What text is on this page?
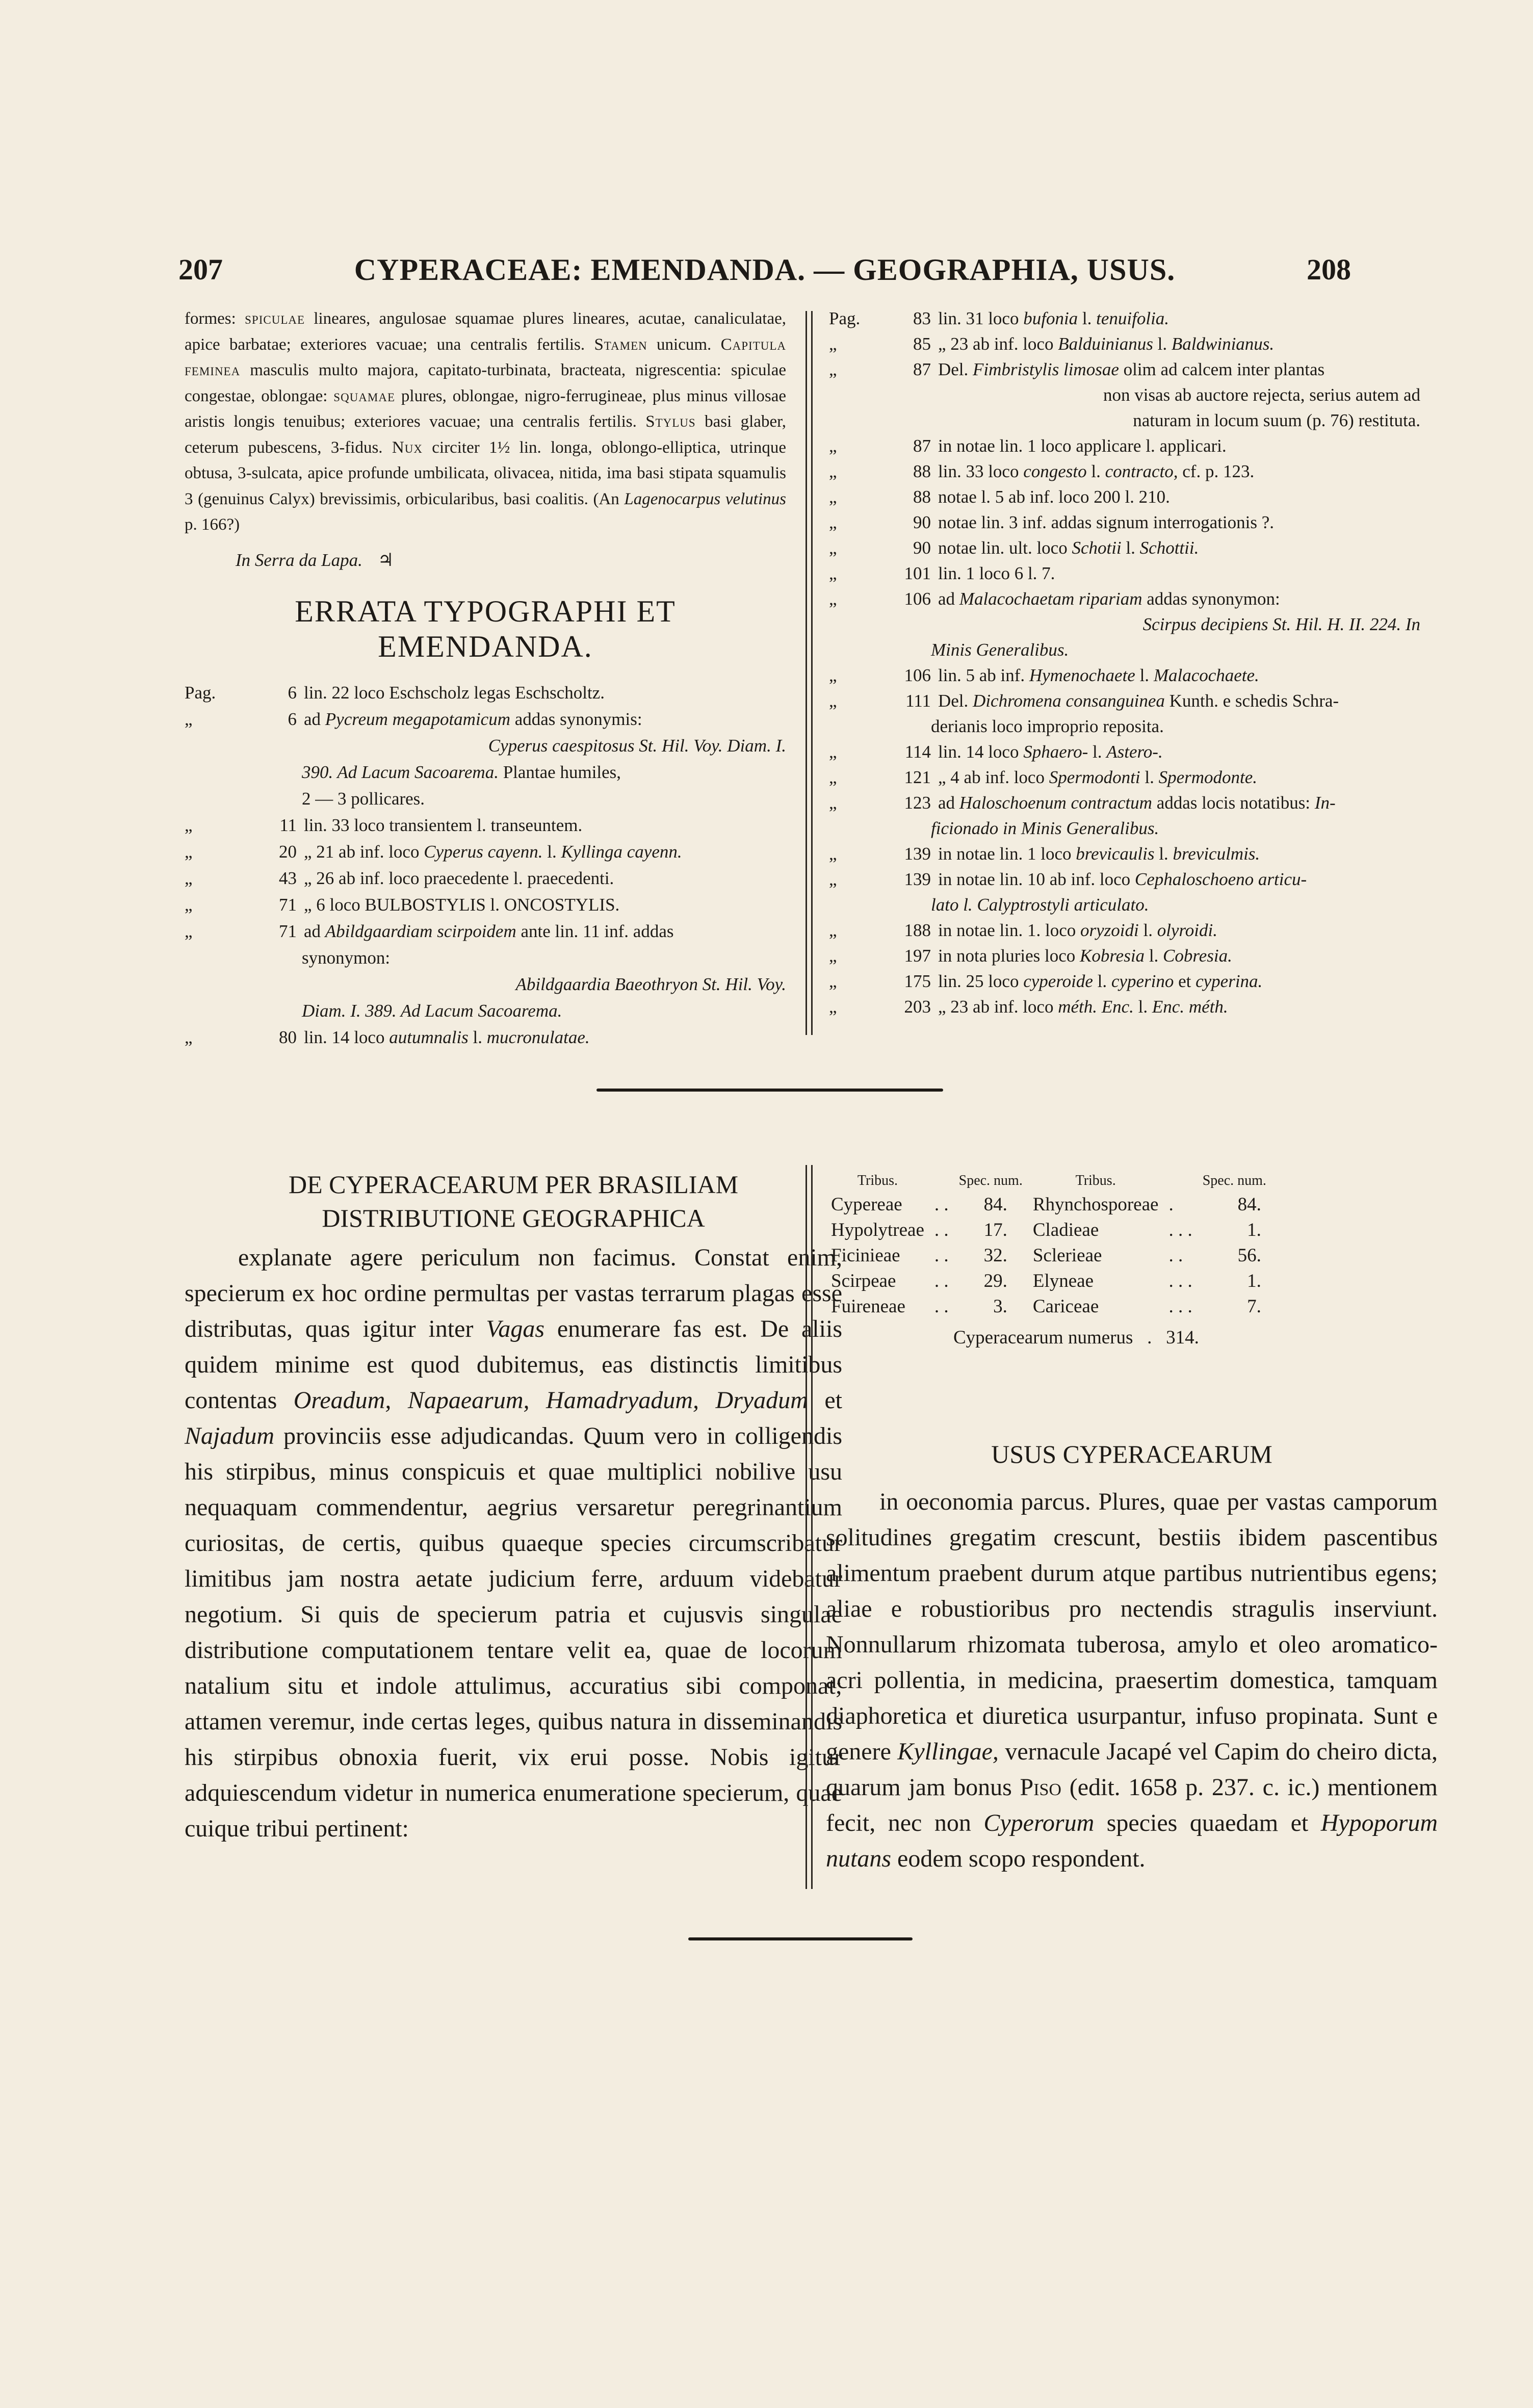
207	CYPERACEAE: EMENDANDA. — GEOGRAPHIA, USUS.	208

formes: spiculae lineares, angulosae squamae plures lineares, acutae, canaliculatae, apice barbatae; exteriores vacuae; una centralis fertilis. Stamen unicum. Capitula feminea masculis multo majora, capitato-turbinata, bracteata, nigrescentia: spiculae congestae, oblongae: squamae plures, oblongae, nigro-ferrugineae, plus minus villosae aristis longis tenuibus; exteriores vacuae; una centralis fertilis. Stylus basi glaber, ceterum pubescens, 3-fidus. Nux circiter 1½ lin. longa, oblongo-elliptica, utrinque obtusa, 3-sulcata, apice profunde umbilicata, olivacea, nitida, ima basi stipata squamulis 3 (genuinus Calyx) brevissimis, orbicularibus, basi coalitis. (An Lagenocarpus velutinus p. 166?)

In Serra da Lapa. ♃
ERRATA TYPOGRAPHI ET EMENDANDA.
Pag.	6 lin. 22 loco Eschscholz legas Eschscholtz.
„	6 ad Pycreum megapotamicum addas synonymis:
Cyperus caespitosus St. Hil. Voy. Diam. I.
390. Ad Lacum Sacoarema. Plantae humiles,
2 — 3 pollicares.
„	11 lin. 33 loco transientem l. transeuntem.
„	20 „ 21 ab inf. loco Cyperus cayenn. l. Kyllinga cayenn.
„	43 „ 26 ab inf. loco praecedente l. praecedenti.
„	71 „ 6 loco BULBOSTYLIS l. ONCOSTYLIS.
„	71 ad Abildgaardiam scirpoidem ante lin. 11 inf. addas
synonymon:
Abildgaardia Baeothryon St. Hil. Voy.
Diam. I. 389. Ad Lacum Sacoarema.
„	80 lin. 14 loco autumnalis l. mucronulatae.
Pag.	83 lin. 31 loco bufonia l. tenuifolia.
„	85 „ 23 ab inf. loco Balduinianus l. Baldwinianus.
„	87 Del. Fimbristylis limosae olim ad calcem inter plantas
non visas ab auctore rejecta, serius autem ad
naturam in locum suum (p. 76) restituta.
„	87 in notae lin. 1 loco applicare l. applicari.
„	88 lin. 33 loco congesto l. contracto, cf. p. 123.
„	88 notae l. 5 ab inf. loco 200 l. 210.
„	90 notae lin. 3 inf. addas signum interrogationis ?.
„	90 notae lin. ult. loco Schotii l. Schottii.
„	101 lin. 1 loco 6 l. 7.
„	106 ad Malacochaetam ripariam addas synonymon:
Scirpus decipiens St. Hil. H. II. 224. In
Minis Generalibus.
„	106 lin. 5 ab inf. Hymenochaete l. Malacochaete.
„	111 Del. Dichromena consanguinea Kunth. e schedis Schra-
derianis loco improprio reposita.
„	114 lin. 14 loco Sphaero- l. Astero-.
„	121 „ 4 ab inf. loco Spermodonti l. Spermodonte.
„	123 ad Haloschoenum contractum addas locis notatibus: In-
ficionado in Minis Generalibus.
„	139 in notae lin. 1 loco brevicaulis l. breviculmis.
„	139 in notae lin. 10 ab inf. loco Cephaloschoeno articu-
lato l. Calyptrostyli articulato.
„	188 in notae lin. 1. loco oryzoidi l. olyroidi.
„	197 in nota pluries loco Kobresia l. Cobresia.
„	175 lin. 25 loco cyperoide l. cyperino et cyperina.
„	203 „ 23 ab inf. loco méth. Enc. l. Enc. méth.
DE CYPERACEARUM PER BRASILIAM
DISTRIBUTIONE GEOGRAPHICA

explanate agere periculum non facimus. Constat enim, specierum ex hoc ordine permultas per vastas terrarum plagas esse distributas, quas igitur inter Vagas enumerare fas est. De aliis quidem minime est quod dubitemus, eas distinctis limitibus contentas Oreadum, Napaearum, Hamadryadum, Dryadum et Najadum provinciis esse adjudicandas. Quum vero in colligendis his stirpibus, minus conspicuis et quae multiplici nobilive usu nequaquam commendentur, aegrius versaretur peregrinantium curiositas, de certis, quibus quaeque species circumscribatur limitibus jam nostra aetate judicium ferre, arduum videbatur negotium. Si quis de specierum patria et cujusvis singulae distributione computationem tentare velit ea, quae de locorum natalium situ et indole attulimus, accuratius sibi componat; attamen veremur, inde certas leges, quibus natura in disseminandis his stirpibus obnoxia fuerit, vix erui posse. Nobis igitur adquiescendum videtur in numerica enumeratione specierum, quae cuique tribui pertinent:

Tribus.		Spec. num.	Tribus.		Spec. num.
Cypereae	. .	84.	Rhynchosporeae	.	84.
Hypolytreae	. .	17.	Cladieae	. . .	1.
Ficinieae	. .	32.	Sclerieae	. .	56.
Scirpeae	. .	29.	Elyneae	. . .	1.
Fuireneae	. .	3.	Cariceae	. . .	7.
Cyperacearum numerus . 314.
USUS CYPERACEARUM

in oeconomia parcus. Plures, quae per vastas camporum solitudines gregatim crescunt, bestiis ibidem pascentibus alimentum praebent durum atque partibus nutrientibus egens; aliae e robustioribus pro nectendis stragulis inserviunt. Nonnullarum rhizomata tuberosa, amylo et oleo aromatico-acri pollentia, in medicina, praesertim domestica, tamquam diaphoretica et diuretica usurpantur, infuso propinata. Sunt e genere Kyllingae, vernacule Jacapé vel Capim do cheiro dicta, quarum jam bonus Piso (edit. 1658 p. 237. c. ic.) mentionem fecit, nec non Cyperorum species quaedam et Hypoporum nutans eodem scopo respondent.
